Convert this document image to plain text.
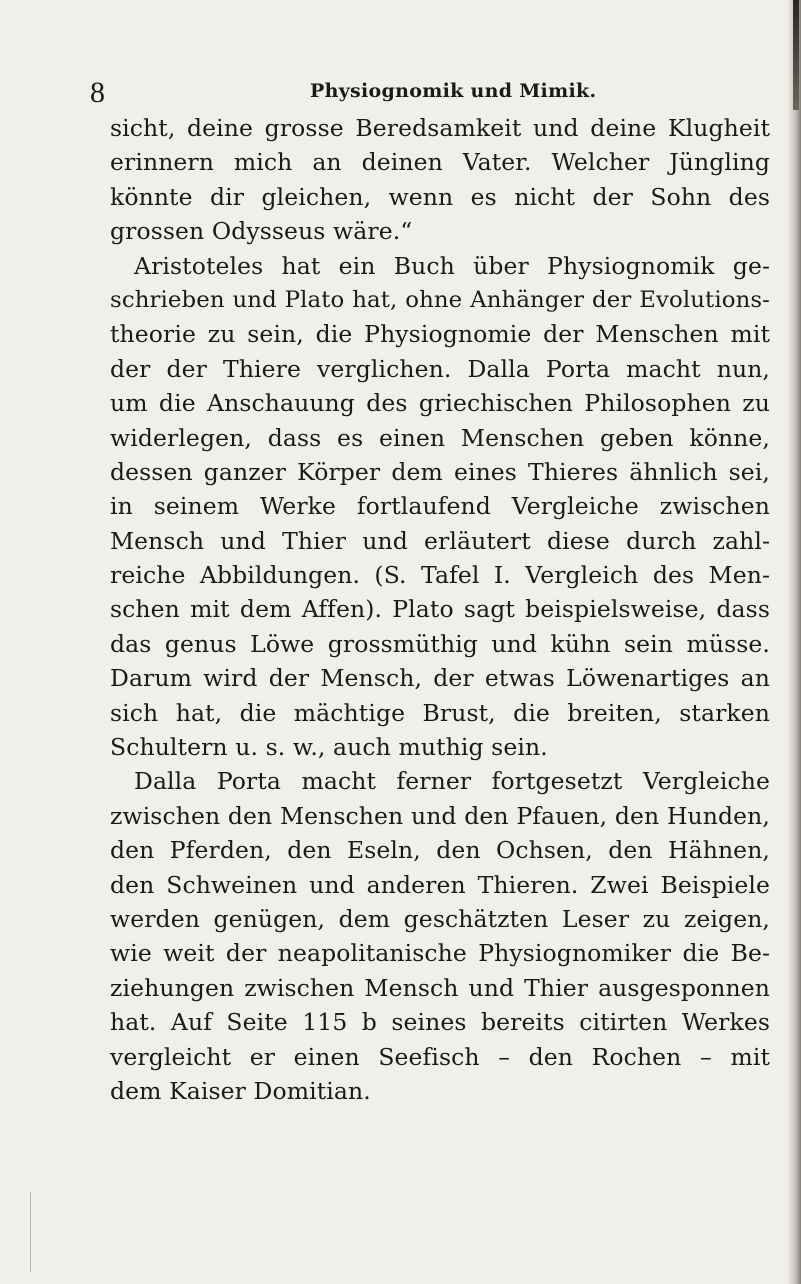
8	Physiognomik und Mimik.
sicht, deine grosse Beredsamkeit und deine Klugheit
erinnern mich an deinen Vater. Welcher Jüngling
könnte dir gleichen, wenn es nicht der Sohn des
grossen Odysseus wäre.“
Aristoteles hat ein Buch über Physiognomik ge-
schrieben und Plato hat, ohne Anhänger der Evolutions-
theorie zu sein, die Physiognomie der Menschen mit
der der Thiere verglichen. Dalla Porta macht nun,
um die Anschauung des griechischen Philosophen zu
widerlegen, dass es einen Menschen geben könne,
dessen ganzer Körper dem eines Thieres ähnlich sei,
in seinem Werke fortlaufend Vergleiche zwischen
Mensch und Thier und erläutert diese durch zahl-
reiche Abbildungen. (S. Tafel I. Vergleich des Men-
schen mit dem Affen). Plato sagt beispielsweise, dass
das genus Löwe grossmüthig und kühn sein müsse.
Darum wird der Mensch, der etwas Löwenartiges an
sich hat, die mächtige Brust, die breiten, starken
Schultern u. s. w., auch muthig sein.
Dalla Porta macht ferner fortgesetzt Vergleiche
zwischen den Menschen und den Pfauen, den Hunden,
den Pferden, den Eseln, den Ochsen, den Hähnen,
den Schweinen und anderen Thieren. Zwei Beispiele
werden genügen, dem geschätzten Leser zu zeigen,
wie weit der neapolitanische Physiognomiker die Be-
ziehungen zwischen Mensch und Thier ausgesponnen
hat. Auf Seite 115 b seines bereits citirten Werkes
vergleicht er einen Seefisch – den Rochen – mit
dem Kaiser Domitian.
